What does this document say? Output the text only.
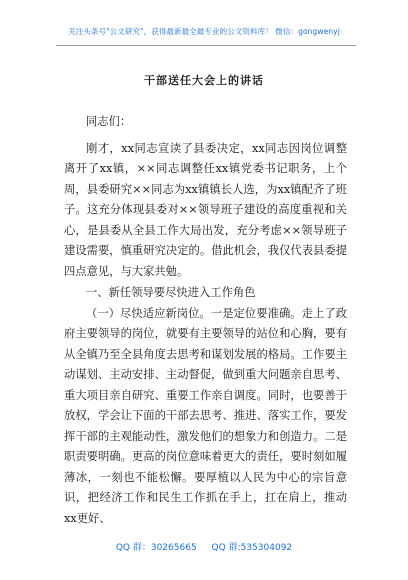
关注头条号"公文研究"，获得最新最全最专业的公文资料库！ 微信：gongwenyj
干部送任大会上的讲话

同志们：

刚才，xx同志宣读了县委决定，xx同志因岗位调整离开了xx镇，××同志调整任xx镇党委书记职务，上个周，县委研究××同志为xx镇镇长人选，为xx镇配齐了班子。这充分体现县委对××领导班子建设的高度重视和关心，是县委从全县工作大局出发，充分考虑××领导班子建设需要，慎重研究决定的。借此机会，我仅代表县委提四点意见，与大家共勉。

一、新任领导要尽快进入工作角色

（一）尽快适应新岗位。一是定位要准确。走上了政府主要领导的岗位，就要有主要领导的站位和心胸，要有从全镇乃至全县角度去思考和谋划发展的格局。工作要主动谋划、主动安排、主动督促，做到重大问题亲自思考、重大项目亲自研究、重要工作亲自调度。同时，也要善于放权，学会让下面的干部去思考、推进、落实工作，要发挥干部的主观能动性，激发他们的想象力和创造力。二是职责要明确。更高的岗位意味着更大的责任，要时刻如履薄冰，一刻也不能松懈。要厚植以人民为中心的宗旨意识，把经济工作和民生工作抓在手上，扛在肩上，推动xx更好、

QQ 群：30265665 QQ 群:535304092
